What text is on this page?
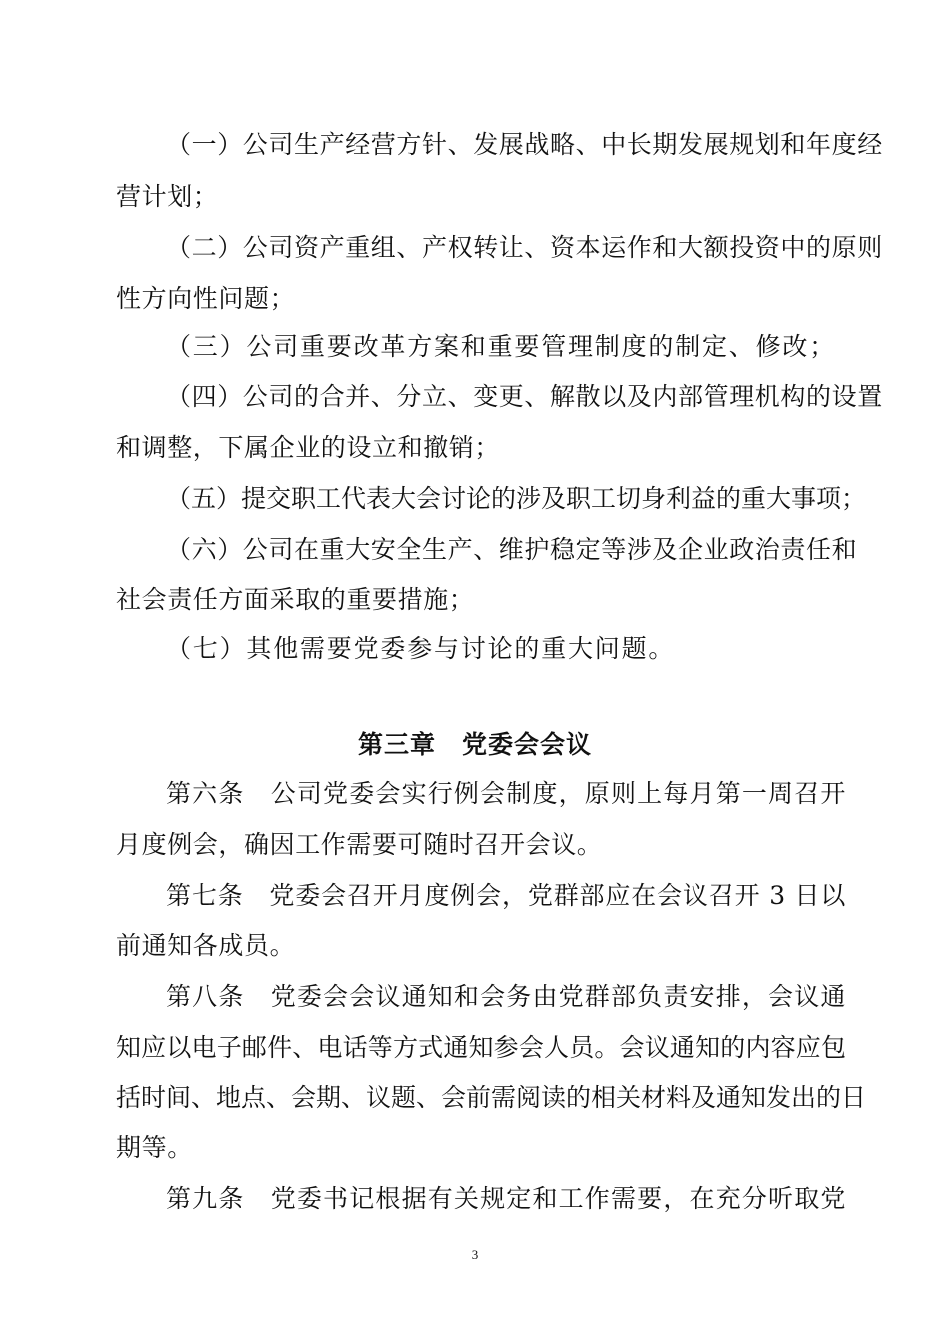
（一）公司生产经营方针、发展战略、中长期发展规划和年度经
营计划；
（二）公司资产重组、产权转让、资本运作和大额投资中的原则
性方向性问题；
（三）公司重要改革方案和重要管理制度的制定、修改；
（四）公司的合并、分立、变更、解散以及内部管理机构的设置
和调整，下属企业的设立和撤销；
（五）提交职工代表大会讨论的涉及职工切身利益的重大事项；
（六）公司在重大安全生产、维护稳定等涉及企业政治责任和
社会责任方面采取的重要措施；
（七）其他需要党委参与讨论的重大问题。
第三章　党委会会议
第六条　公司党委会实行例会制度，原则上每月第一周召开
月度例会，确因工作需要可随时召开会议。
第七条　党委会召开月度例会，党群部应在会议召开 3 日以
前通知各成员。
第八条　党委会会议通知和会务由党群部负责安排，会议通
知应以电子邮件、电话等方式通知参会人员。会议通知的内容应包
括时间、地点、会期、议题、会前需阅读的相关材料及通知发出的日
期等。
第九条　党委书记根据有关规定和工作需要，在充分听取党
3
